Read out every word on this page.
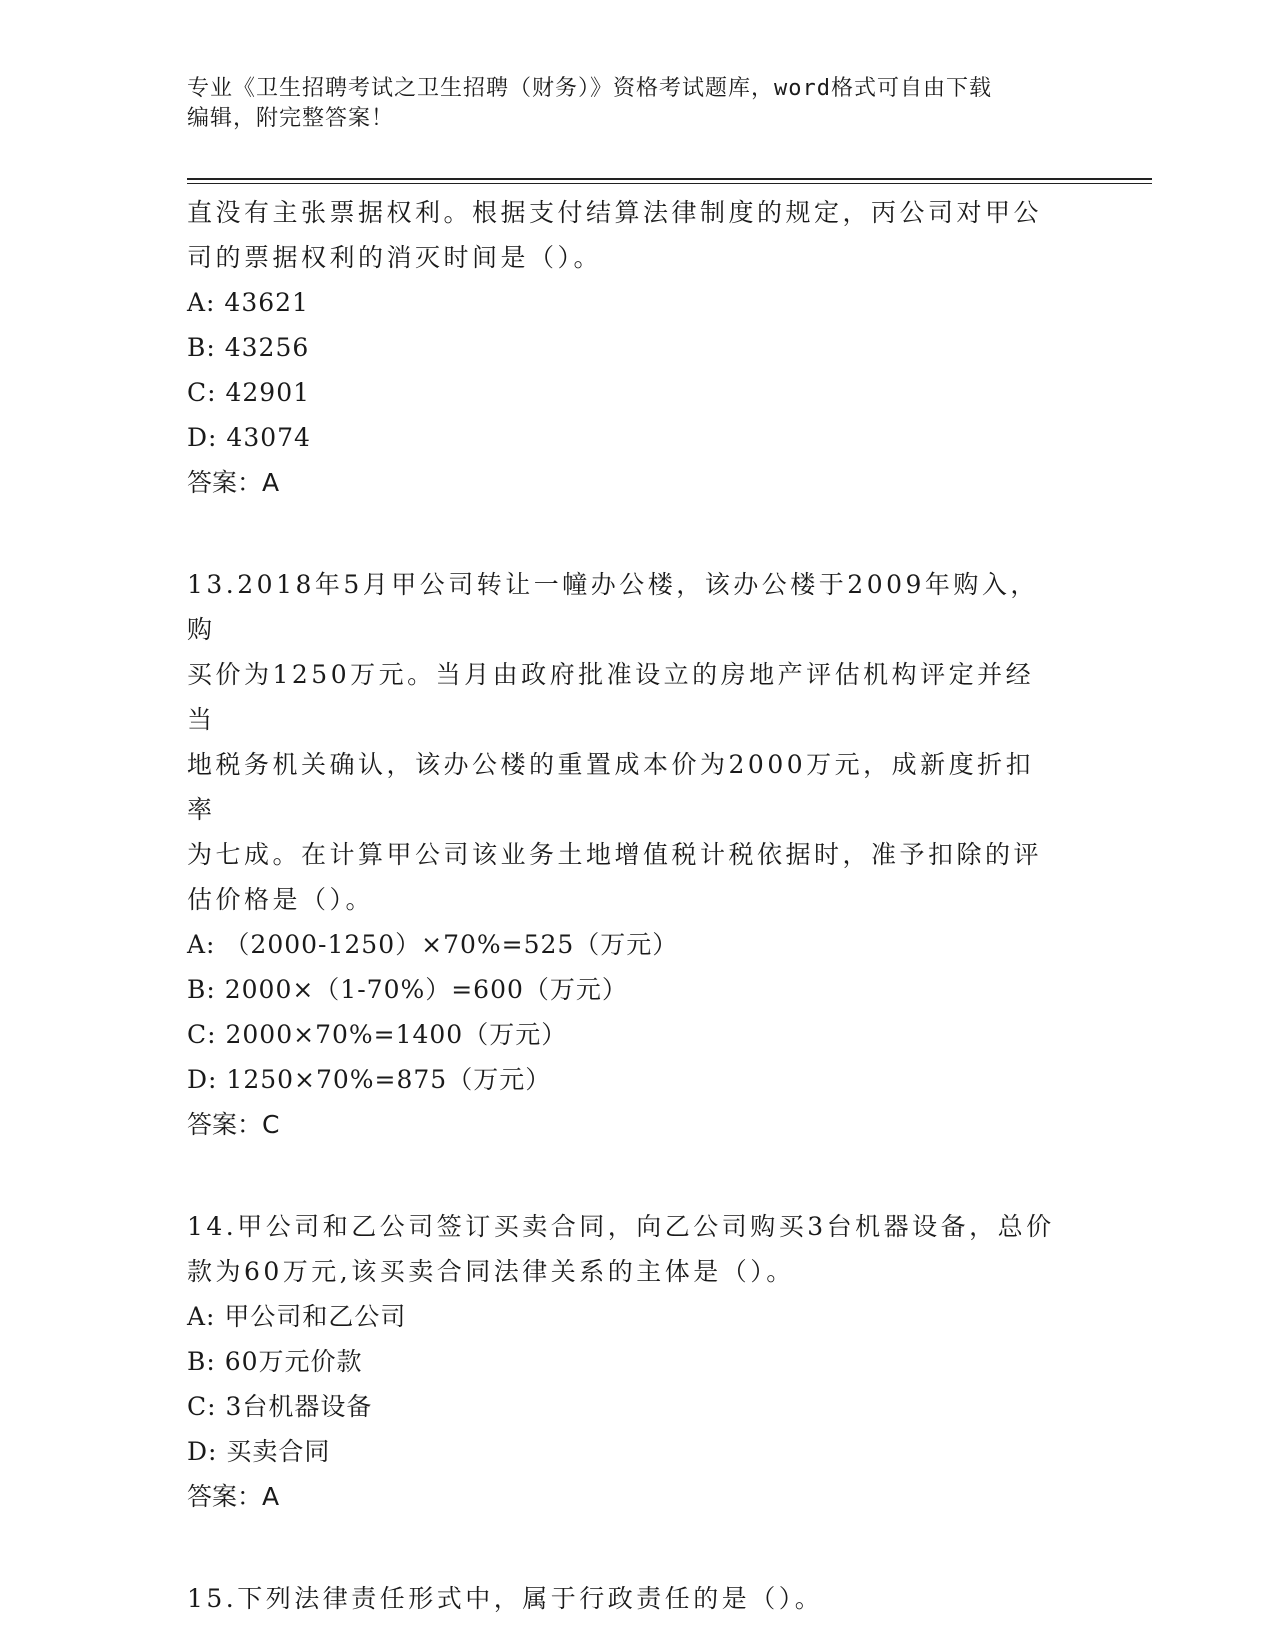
专业《卫生招聘考试之卫生招聘（财务）》资格考试题库，word格式可自由下载
编辑，附完整答案！

直没有主张票据权利。根据支付结算法律制度的规定，丙公司对甲公

司的票据权利的消灭时间是（）。

A: 43621

B: 43256

C: 42901

D: 43074

答案：A

13.2018年5月甲公司转让一幢办公楼，该办公楼于2009年购入，购

买价为1250万元。当月由政府批准设立的房地产评估机构评定并经当

地税务机关确认，该办公楼的重置成本价为2000万元，成新度折扣率

为七成。在计算甲公司该业务土地增值税计税依据时，准予扣除的评

估价格是（）。

A: （2000-1250）×70%=525（万元）

B: 2000×（1-70%）=600（万元）

C: 2000×70%=1400（万元）

D: 1250×70%=875（万元）

答案：C

14.甲公司和乙公司签订买卖合同，向乙公司购买3台机器设备，总价

款为60万元,该买卖合同法律关系的主体是（）。

A: 甲公司和乙公司

B: 60万元价款

C: 3台机器设备

D: 买卖合同

答案：A

15.下列法律责任形式中，属于行政责任的是（）。
